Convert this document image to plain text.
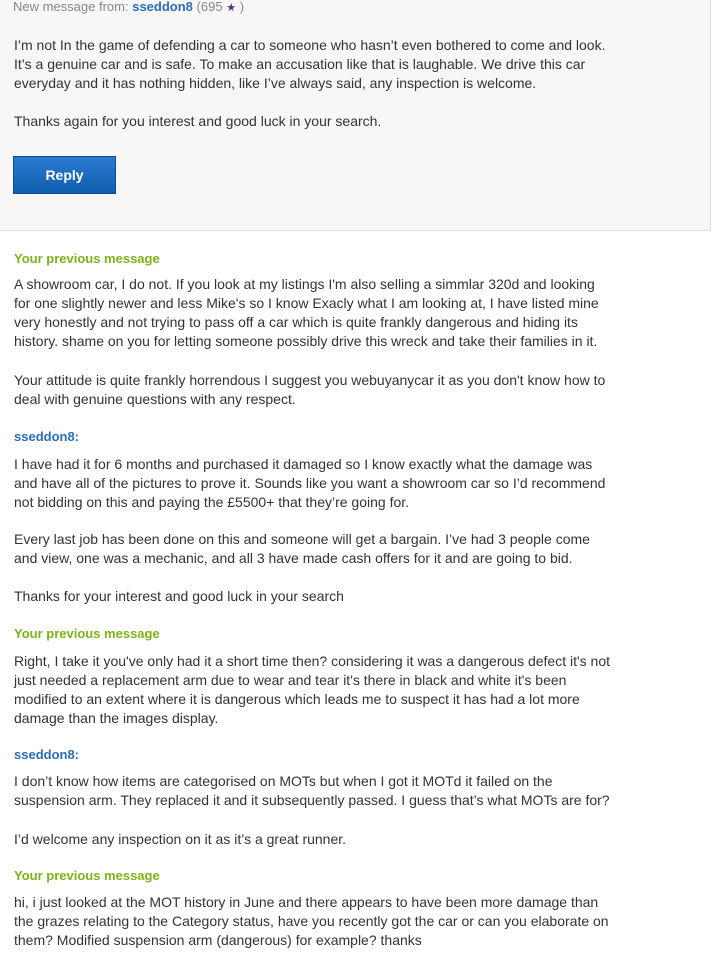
New message from: sseddon8 (695 ★ )
I’m not In the game of defending a car to someone who hasn’t even bothered to come and look.
It’s a genuine car and is safe. To make an accusation like that is laughable. We drive this car
everyday and it has nothing hidden, like I’ve always said, any inspection is welcome.
Thanks again for you interest and good luck in your search.
Reply
Your previous message
A showroom car, I do not. If you look at my listings I'm also selling a simmlar 320d and looking
for one slightly newer and less Mike's so I know Exacly what I am looking at, I have listed mine
very honestly and not trying to pass off a car which is quite frankly dangerous and hiding its
history. shame on you for letting someone possibly drive this wreck and take their families in it.
Your attitude is quite frankly horrendous I suggest you webuyanycar it as you don't know how to
deal with genuine questions with any respect.
sseddon8:
I have had it for 6 months and purchased it damaged so I know exactly what the damage was
and have all of the pictures to prove it. Sounds like you want a showroom car so I’d recommend
not bidding on this and paying the £5500+ that they’re going for.
Every last job has been done on this and someone will get a bargain. I’ve had 3 people come
and view, one was a mechanic, and all 3 have made cash offers for it and are going to bid.
Thanks for your interest and good luck in your search
Your previous message
Right, I take it you've only had it a short time then? considering it was a dangerous defect it's not
just needed a replacement arm due to wear and tear it's there in black and white it's been
modified to an extent where it is dangerous which leads me to suspect it has had a lot more
damage than the images display.
sseddon8:
I don’t know how items are categorised on MOTs but when I got it MOTd it failed on the
suspension arm. They replaced it and it subsequently passed. I guess that’s what MOTs are for?
I’d welcome any inspection on it as it’s a great runner.
Your previous message
hi, i just looked at the MOT history in June and there appears to have been more damage than
the grazes relating to the Category status, have you recently got the car or can you elaborate on
them? Modified suspension arm (dangerous) for example? thanks
